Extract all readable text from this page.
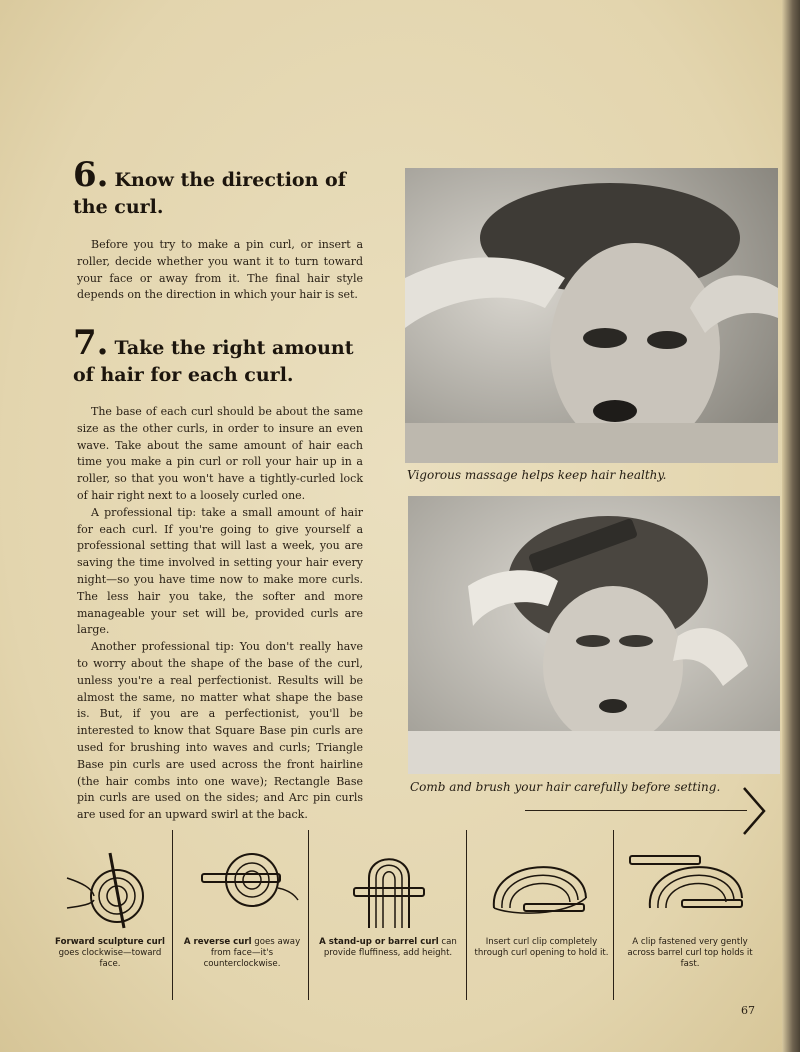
6. Know the direction of the curl.

Before you try to make a pin curl, or insert a roller, decide whether you want it to turn toward your face or away from it. The final hair style depends on the direction in which your hair is set.

7. Take the right amount of hair for each curl.

The base of each curl should be about the same size as the other curls, in order to insure an even wave. Take about the same amount of hair each time you make a pin curl or roll your hair up in a roller, so that you won't have a tightly-curled lock of hair right next to a loosely curled one.

A professional tip: take a small amount of hair for each curl. If you're going to give yourself a professional setting that will last a week, you are saving the time involved in setting your hair every night—so you have time now to make more curls. The less hair you take, the softer and more manageable your set will be, provided curls are large.

Another professional tip: You don't really have to worry about the shape of the base of the curl, unless you're a real perfectionist. Results will be almost the same, no matter what shape the base is. But, if you are a perfectionist, you'll be interested to know that Square Base pin curls are used for brushing into waves and curls; Triangle Base pin curls are used across the front hairline (the hair combs into one wave); Rectangle Base pin curls are used on the sides; and Arc pin curls are used for an upward swirl at the back.

Vigorous massage helps keep hair healthy.
Comb and brush your hair carefully before setting.
Forward sculpture curl goes clockwise—toward face.
A reverse curl goes away from face—it's counterclockwise.
A stand-up or barrel curl can provide fluffiness, add height.
Insert curl clip completely through curl opening to hold it.
A clip fastened very gently across barrel curl top holds it fast.
67
